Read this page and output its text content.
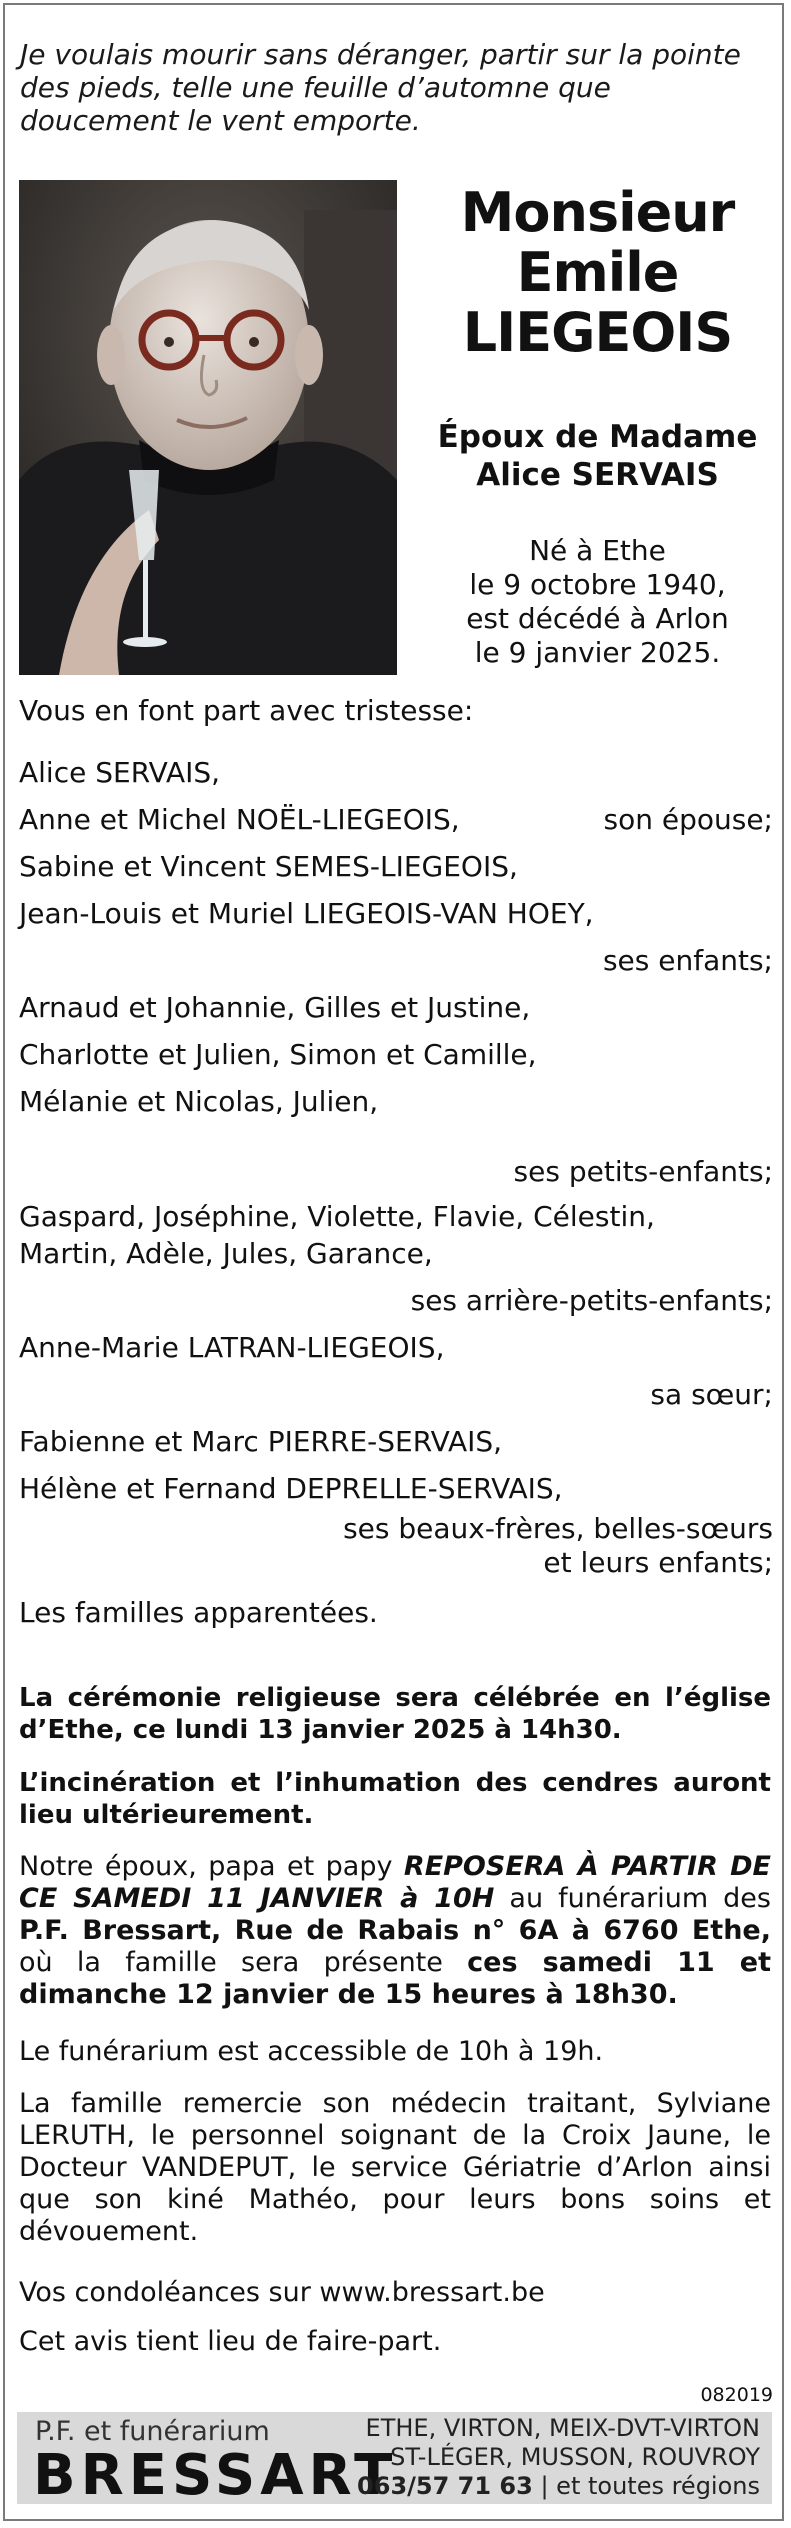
Je voulais mourir sans déranger, partir sur la pointe des pieds, telle une feuille d’automne que doucement le vent emporte.

Monsieur
Emile
LIEGEOIS

Époux de Madame
Alice SERVAIS

Né à Ethe
le 9 octobre 1940,
est décédé à Arlon
le 9 janvier 2025.

Vous en font part avec tristesse:

Alice SERVAIS,

Anne et Michel NOËL-LIEGEOIS,	son épouse;

Sabine et Vincent SEMES-LIEGEOIS,

Jean-Louis et Muriel LIEGEOIS-VAN HOEY,

ses enfants;

Arnaud et Johannie, Gilles et Justine,

Charlotte et Julien, Simon et Camille,

Mélanie et Nicolas, Julien,

ses petits-enfants;

Gaspard, Joséphine, Violette, Flavie, Célestin,

Martin, Adèle, Jules, Garance,

ses arrière-petits-enfants;

Anne-Marie LATRAN-LIEGEOIS,

sa sœur;

Fabienne et Marc PIERRE-SERVAIS,

Hélène et Fernand DEPRELLE-SERVAIS,

ses beaux-frères, belles-sœurs

et leurs enfants;

Les familles apparentées.

La cérémonie religieuse sera célébrée en l’église d’Ethe, ce lundi 13 janvier 2025 à 14h30.

L’incinération et l’inhumation des cendres auront lieu ultérieurement.

Notre époux, papa et papy REPOSERA À PARTIR DE CE SAMEDI 11 JANVIER à 10H au funérarium des P.F. Bressart, Rue de Rabais n° 6A à 6760 Ethe, où la famille sera présente ces samedi 11 et dimanche 12 janvier de 15 heures à 18h30.

Le funérarium est accessible de 10h à 19h.

La famille remercie son médecin traitant, Sylviane LERUTH, le personnel soignant de la Croix Jaune, le Docteur VANDEPUT, le service Gériatrie d’Arlon ainsi que son kiné Mathéo, pour leurs bons soins et dévouement.

Vos condoléances sur www.bressart.be

Cet avis tient lieu de faire-part.

082019

P.F. et funérarium

BRESSART

ETHE, VIRTON, MEIX-DVT-VIRTON
ST-LÉGER, MUSSON, ROUVROY
063/57 71 63 | et toutes régions
